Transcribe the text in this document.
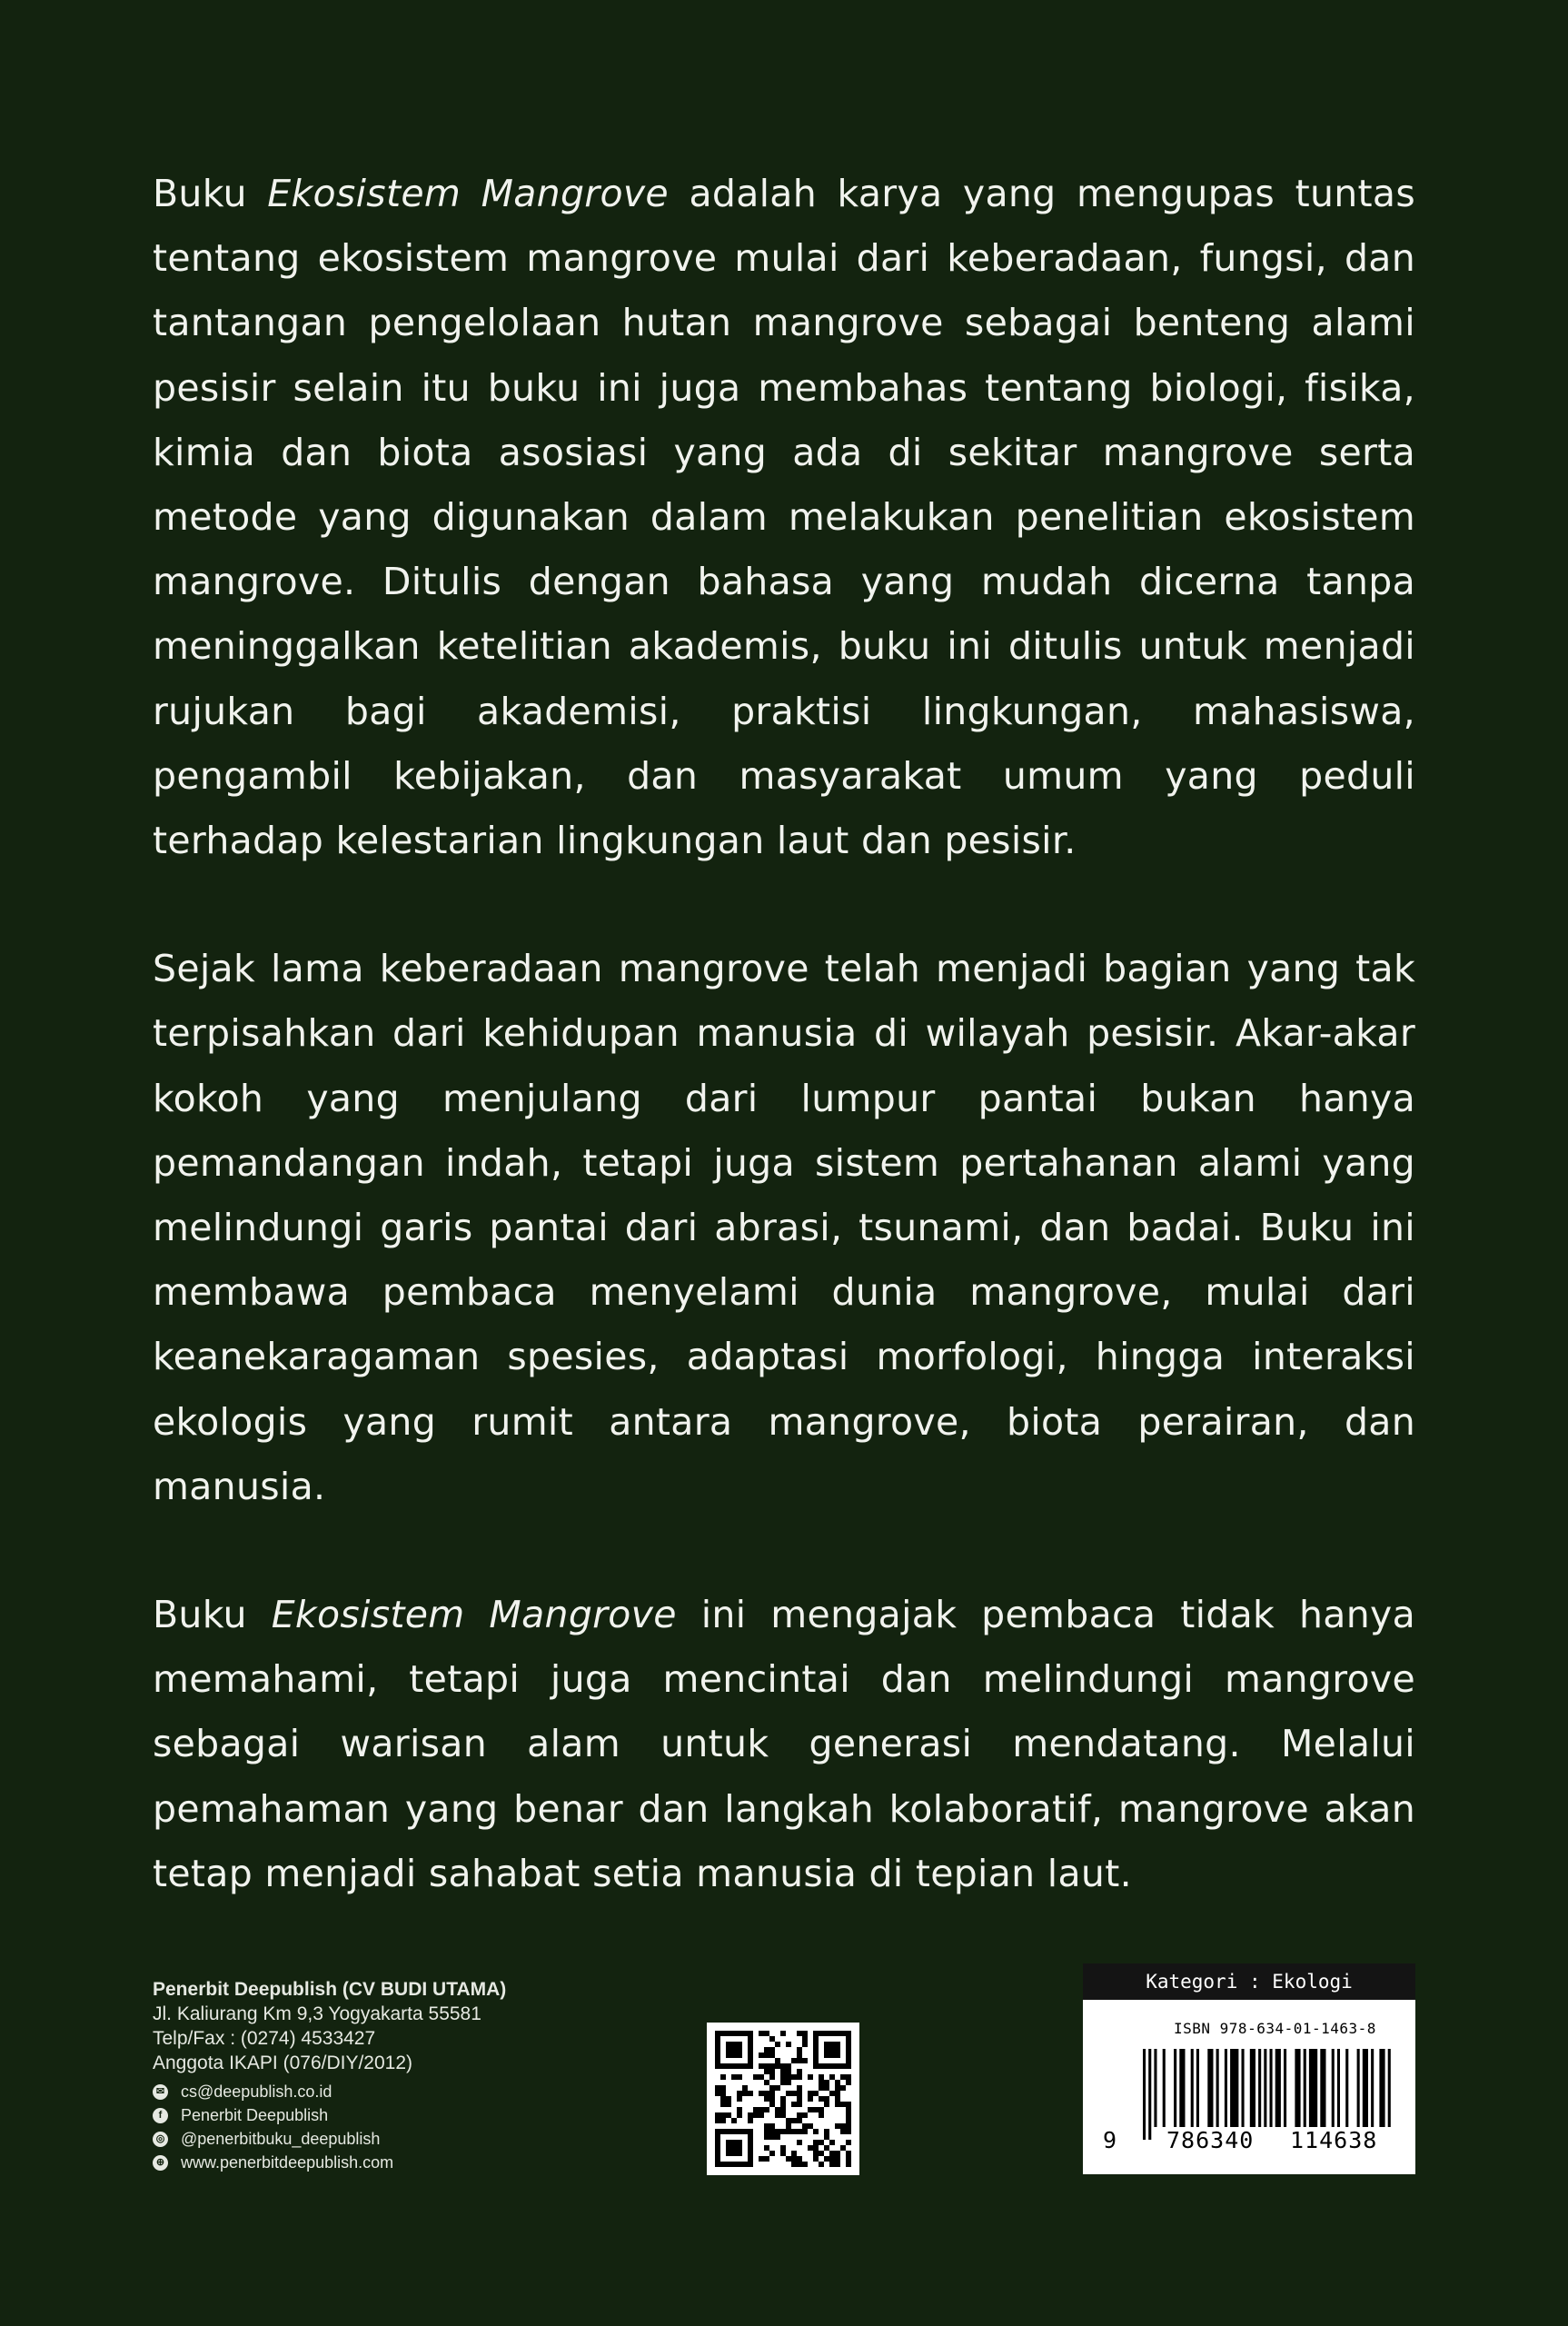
Buku Ekosistem Mangrove adalah karya yang mengupas tuntas tentang ekosistem mangrove mulai dari keberadaan, fungsi, dan tantangan pengelolaan hutan mangrove sebagai benteng alami pesisir selain itu buku ini juga membahas tentang biologi, fisika, kimia dan biota asosiasi yang ada di sekitar mangrove serta metode yang digunakan dalam melakukan penelitian ekosistem mangrove. Ditulis dengan bahasa yang mudah dicerna tanpa meninggalkan ketelitian akademis, buku ini ditulis untuk menjadi rujukan bagi akademisi, praktisi lingkungan, mahasiswa, pengambil kebijakan, dan masyarakat umum yang peduli terhadap kelestarian lingkungan laut dan pesisir.

Sejak lama keberadaan mangrove telah menjadi bagian yang tak terpisahkan dari kehidupan manusia di wilayah pesisir. Akar-akar kokoh yang menjulang dari lumpur pantai bukan hanya pemandangan indah, tetapi juga sistem pertahanan alami yang melindungi garis pantai dari abrasi, tsunami, dan badai. Buku ini membawa pembaca menyelami dunia mangrove, mulai dari keanekaragaman spesies, adaptasi morfologi, hingga interaksi ekologis yang rumit antara mangrove, biota perairan, dan manusia.

Buku Ekosistem Mangrove ini mengajak pembaca tidak hanya memahami, tetapi juga mencintai dan melindungi mangrove sebagai warisan alam untuk generasi mendatang. Melalui pemahaman yang benar dan langkah kolaboratif, mangrove akan tetap menjadi sahabat setia manusia di tepian laut.

Penerbit Deepublish (CV BUDI UTAMA)
Jl. Kaliurang Km 9,3 Yogyakarta 55581
Telp/Fax : (0274) 4533427
Anggota IKAPI (076/DIY/2012)
✉ cs@deepublish.co.id
f	Penerbit Deepublish
◎ @penerbitbuku_deepublish
⊕ www.penerbitdeepublish.com
Kategori : Ekologi
ISBN 978-634-01-1463-8
9 786340 114638
